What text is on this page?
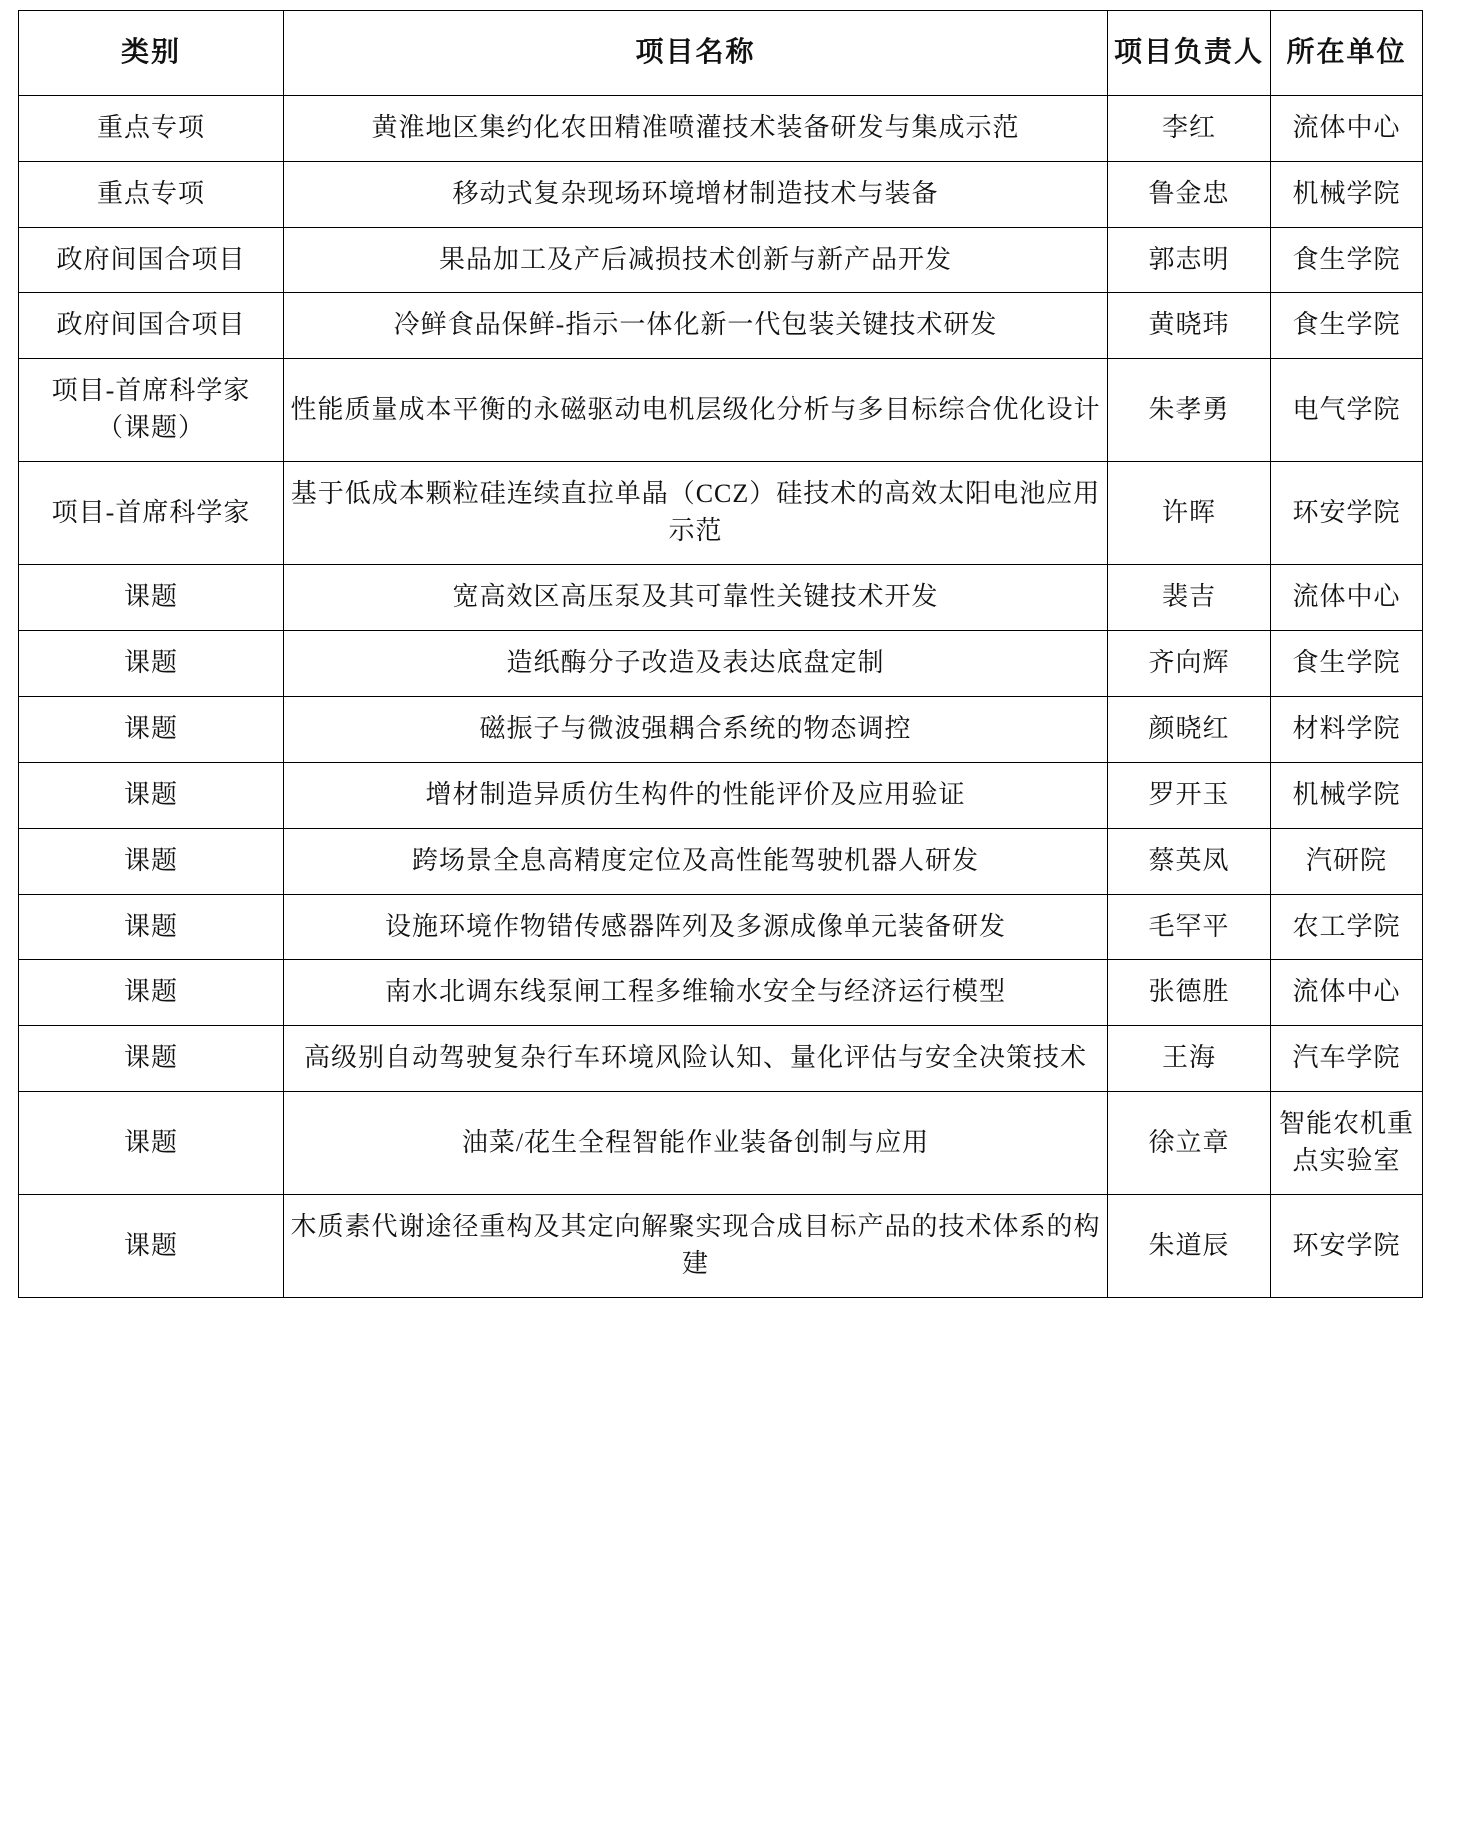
类别	项目名称	项目负责人	所在单位
重点专项	黄淮地区集约化农田精准喷灌技术装备研发与集成示范	李红	流体中心
重点专项	移动式复杂现场环境增材制造技术与装备	鲁金忠	机械学院
政府间国合项目	果品加工及产后减损技术创新与新产品开发	郭志明	食生学院
政府间国合项目	冷鲜食品保鲜-指示一体化新一代包装关键技术研发	黄晓玮	食生学院
项目-首席科学家（课题）	性能质量成本平衡的永磁驱动电机层级化分析与多目标综合优化设计	朱孝勇	电气学院
项目-首席科学家	基于低成本颗粒硅连续直拉单晶（CCZ）硅技术的高效太阳电池应用示范	许晖	环安学院
课题	宽高效区高压泵及其可靠性关键技术开发	裴吉	流体中心
课题	造纸酶分子改造及表达底盘定制	齐向辉	食生学院
课题	磁振子与微波强耦合系统的物态调控	颜晓红	材料学院
课题	增材制造异质仿生构件的性能评价及应用验证	罗开玉	机械学院
课题	跨场景全息高精度定位及高性能驾驶机器人研发	蔡英凤	汽研院
课题	设施环境作物错传感器阵列及多源成像单元装备研发	毛罕平	农工学院
课题	南水北调东线泵闸工程多维输水安全与经济运行模型	张德胜	流体中心
课题	高级别自动驾驶复杂行车环境风险认知、量化评估与安全决策技术	王海	汽车学院
课题	油菜/花生全程智能作业装备创制与应用	徐立章	智能农机重点实验室
课题	木质素代谢途径重构及其定向解聚实现合成目标产品的技术体系的构建	朱道辰	环安学院
